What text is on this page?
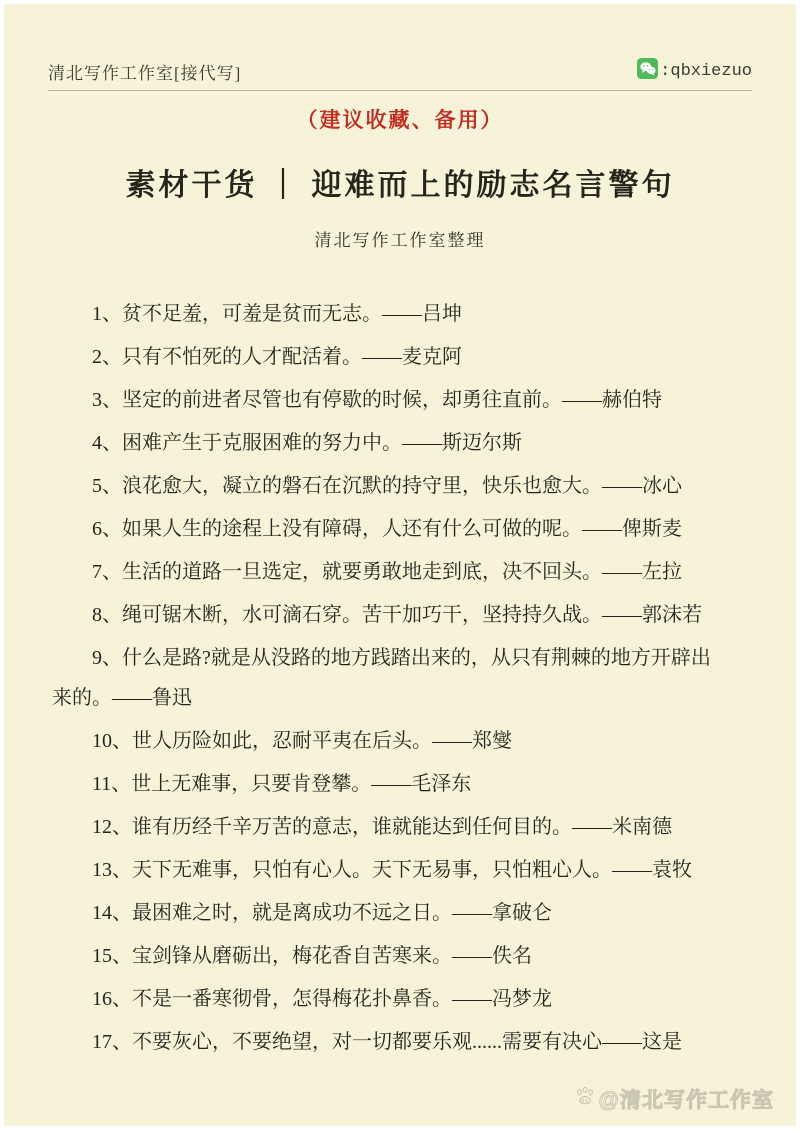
清北写作工作室[接代写]	:qbxiezuo
（建议收藏、备用）
素材干货 ｜ 迎难而上的励志名言警句
清北写作工作室整理

1、贫不足羞，可羞是贫而无志。——吕坤

2、只有不怕死的人才配活着。——麦克阿

3、坚定的前进者尽管也有停歇的时候，却勇往直前。——赫伯特

4、困难产生于克服困难的努力中。——斯迈尔斯

5、浪花愈大，凝立的磐石在沉默的持守里，快乐也愈大。——冰心

6、如果人生的途程上没有障碍，人还有什么可做的呢。——俾斯麦

7、生活的道路一旦选定，就要勇敢地走到底，决不回头。——左拉

8、绳可锯木断，水可滴石穿。苦干加巧干，坚持持久战。——郭沫若

9、什么是路?就是从没路的地方践踏出来的，从只有荆棘的地方开辟出来的。——鲁迅

10、世人历险如此，忍耐平夷在后头。——郑燮

11、世上无难事，只要肯登攀。——毛泽东

12、谁有历经千辛万苦的意志，谁就能达到任何目的。——米南德

13、天下无难事，只怕有心人。天下无易事，只怕粗心人。——袁牧

14、最困难之时，就是离成功不远之日。——拿破仑

15、宝剑锋从磨砺出，梅花香自苦寒来。——佚名

16、不是一番寒彻骨，怎得梅花扑鼻香。——冯梦龙

17、不要灰心，不要绝望，对一切都要乐观......需要有决心——这是

du @清北写作工作室
